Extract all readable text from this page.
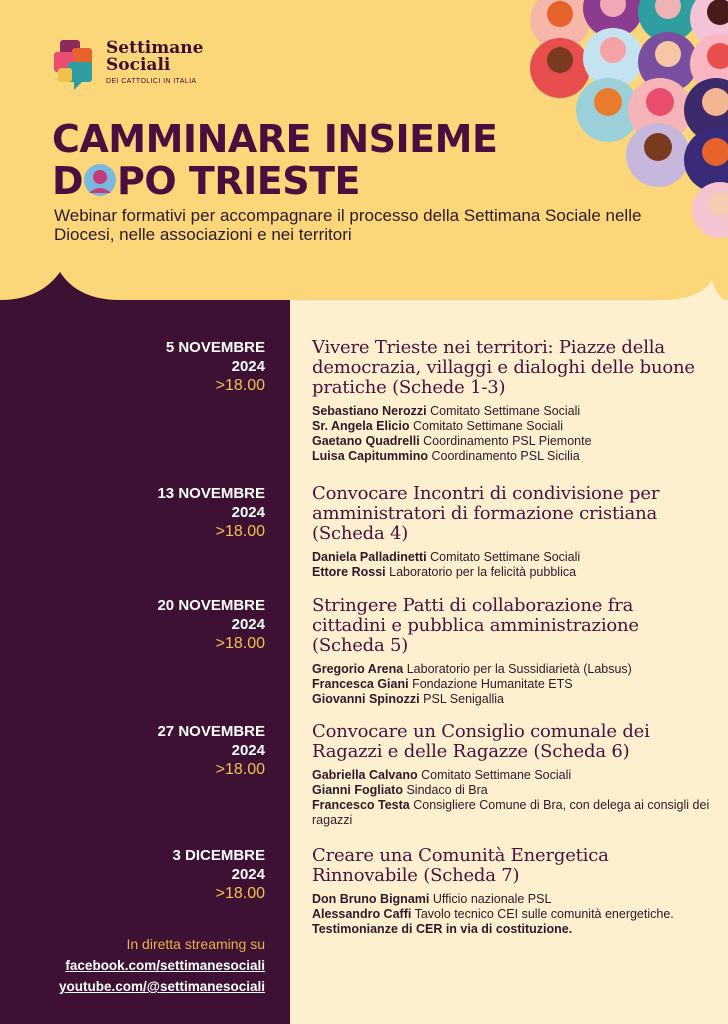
Settimane
Sociali
DEI CATTOLICI IN ITALIA
CAMMINARE INSIEME
D PO TRIESTE
Webinar formativi per accompagnare il processo della Settimana Sociale nelle Diocesi, nelle associazioni e nei territori
5 NOVEMBRE
2024
>18.00
Vivere Trieste nei territori: Piazze della democrazia, villaggi e dialoghi delle buone pratiche (Schede 1-3)
Sebastiano Nerozzi Comitato Settimane Sociali
Sr. Angela Elicio Comitato Settimane Sociali
Gaetano Quadrelli Coordinamento PSL Piemonte
Luisa Capitummino Coordinamento PSL Sicilia
13 NOVEMBRE
2024
>18.00
Convocare Incontri di condivisione per amministratori di formazione cristiana (Scheda 4)
Daniela Palladinetti Comitato Settimane Sociali
Ettore Rossi Laboratorio per la felicità pubblica
20 NOVEMBRE
2024
>18.00
Stringere Patti di collaborazione fra cittadini e pubblica amministrazione (Scheda 5)
Gregorio Arena Laboratorio per la Sussidiarietà (Labsus)
Francesca Giani Fondazione Humanitate ETS
Giovanni Spinozzi PSL Senigallia
27 NOVEMBRE
2024
>18.00
Convocare un Consiglio comunale dei Ragazzi e delle Ragazze (Scheda 6)
Gabriella Calvano Comitato Settimane Sociali
Gianni Fogliato Sindaco di Bra
Francesco Testa Consigliere Comune di Bra, con delega ai consigli dei ragazzi
3 DICEMBRE
2024
>18.00
Creare una Comunità Energetica Rinnovabile (Scheda 7)
Don Bruno Bignami Ufficio nazionale PSL
Alessandro Caffi Tavolo tecnico CEI sulle comunità energetiche.
Testimonianze di CER in via di costituzione.
In diretta streaming su
facebook.com/settimanesociali
youtube.com/@settimanesociali
